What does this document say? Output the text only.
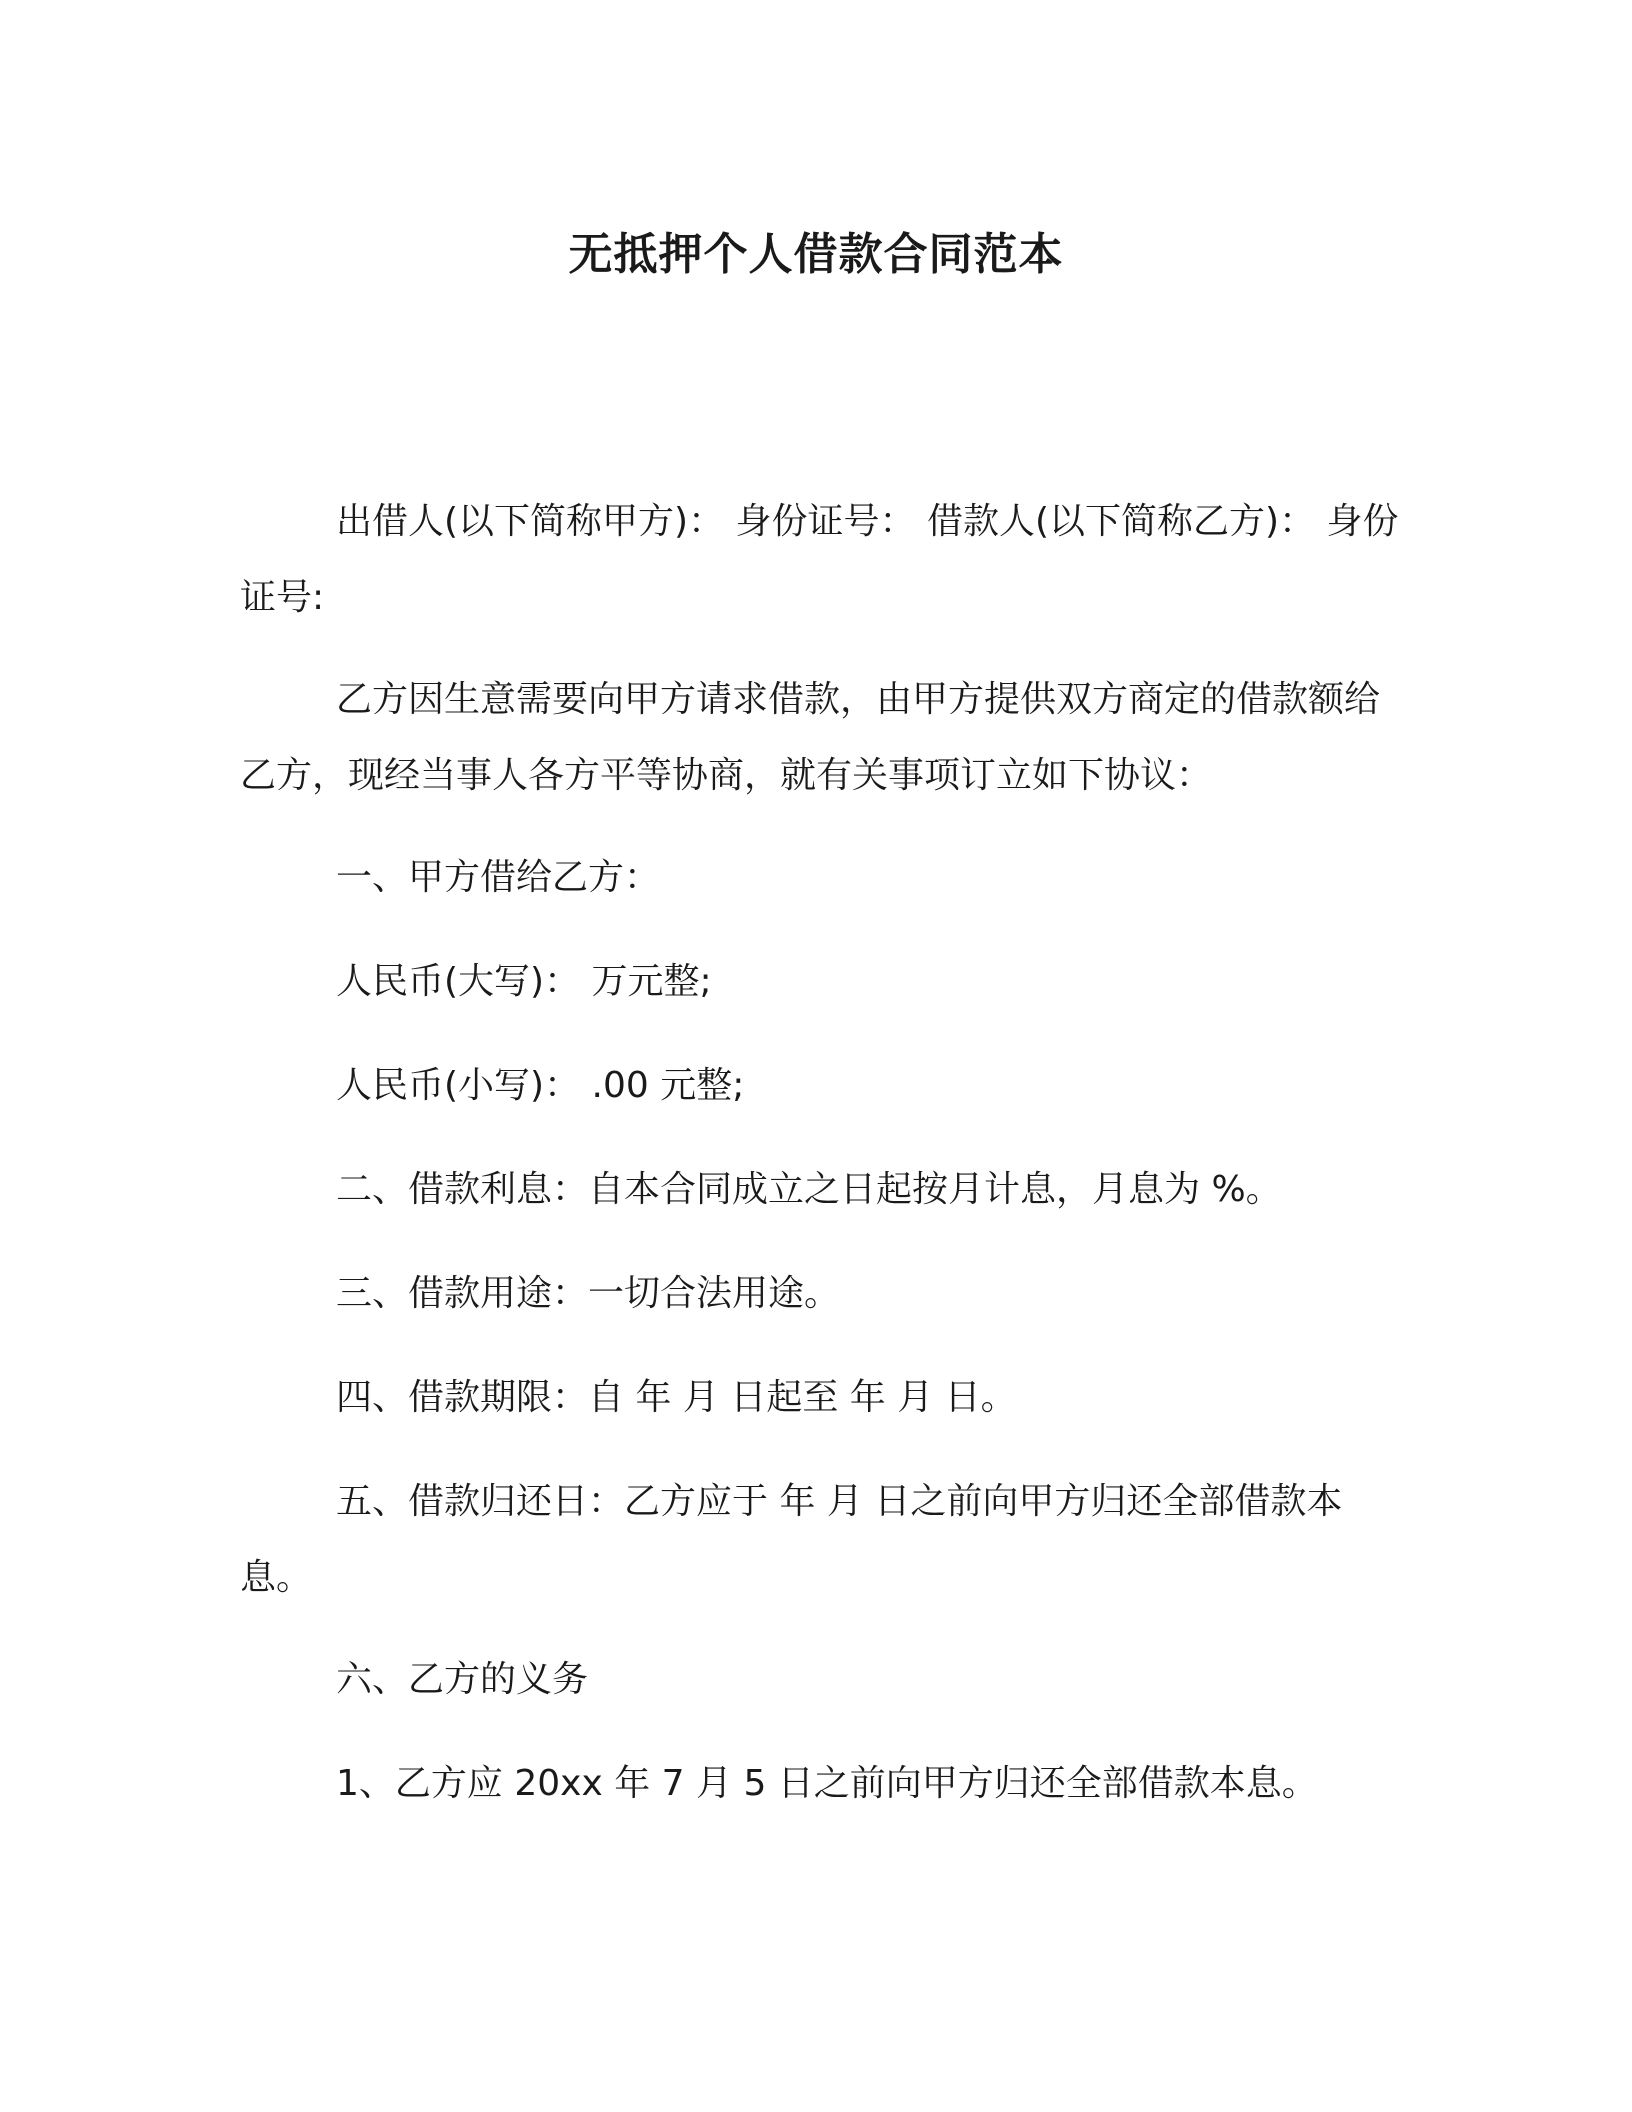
无抵押个人借款合同范本

出借人(以下简称甲方)： 身份证号： 借款人(以下简称乙方)： 身份证号:

乙方因生意需要向甲方请求借款，由甲方提供双方商定的借款额给乙方，现经当事人各方平等协商，就有关事项订立如下协议：

一、甲方借给乙方：

人民币(大写)： 万元整;

人民币(小写)： .00 元整;

二、借款利息：自本合同成立之日起按月计息，月息为 %。

三、借款用途：一切合法用途。

四、借款期限：自 年 月 日起至 年 月 日。

五、借款归还日：乙方应于 年 月 日之前向甲方归还全部借款本息。

六、乙方的义务

1、乙方应 20xx 年 7 月 5 日之前向甲方归还全部借款本息。
